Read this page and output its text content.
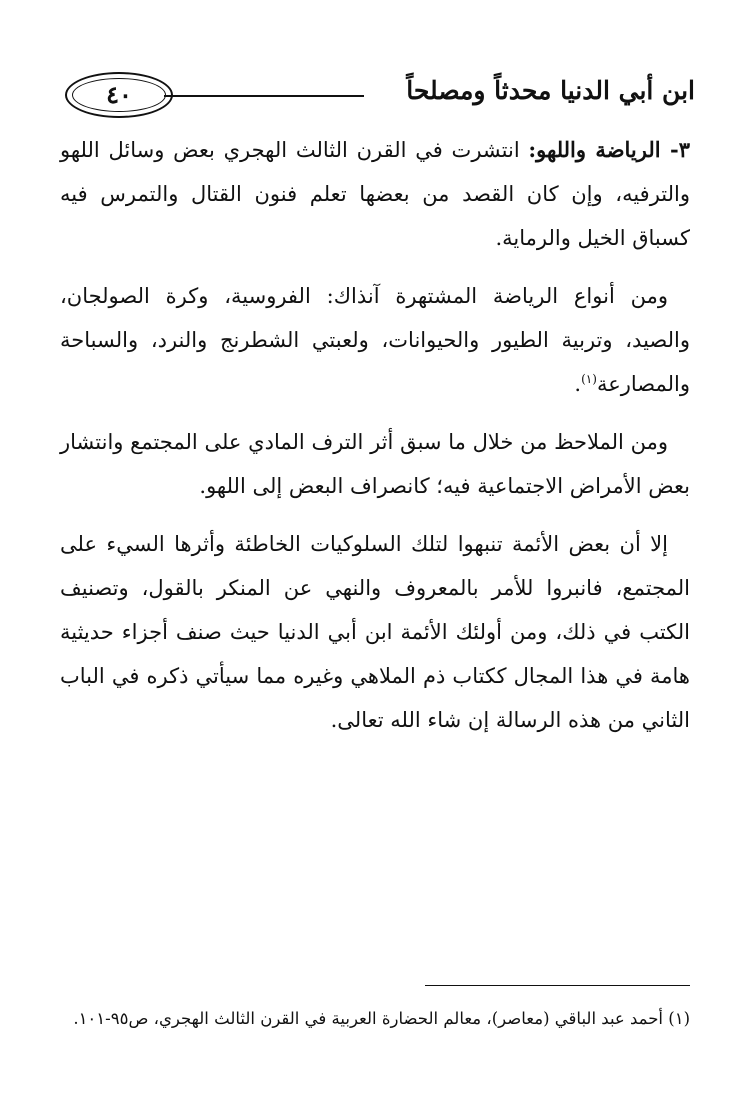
٤٠	ابن أبي الدنيا محدثاً ومصلحاً

٣- الرياضة واللهو: انتشرت في القرن الثالث الهجري بعض وسائل اللهو والترفيه، وإن كان القصد من بعضها تعلم فنون القتال والتمرس فيه كسباق الخيل والرماية.

ومن أنواع الرياضة المشتهرة آنذاك: الفروسية، وكرة الصولجان، والصيد، وتربية الطيور والحيوانات، ولعبتي الشطرنج والنرد، والسباحة والمصارعة$^{(١)}$.

ومن الملاحظ من خلال ما سبق أثر الترف المادي على المجتمع وانتشار بعض الأمراض الاجتماعية فيه؛ كانصراف البعض إلى اللهو.

إلا أن بعض الأئمة تنبهوا لتلك السلوكيات الخاطئة وأثرها السيء على المجتمع، فانبروا للأمر بالمعروف والنهي عن المنكر بالقول، وتصنيف الكتب في ذلك، ومن أولئك الأئمة ابن أبي الدنيا حيث صنف أجزاء حديثية هامة في هذا المجال ككتاب ذم الملاهي وغيره مما سيأتي ذكره في الباب الثاني من هذه الرسالة إن شاء الله تعالى.

(١) أحمد عبد الباقي (معاصر)، معالم الحضارة العربية في القرن الثالث الهجري، ص٩٥-١٠١.
